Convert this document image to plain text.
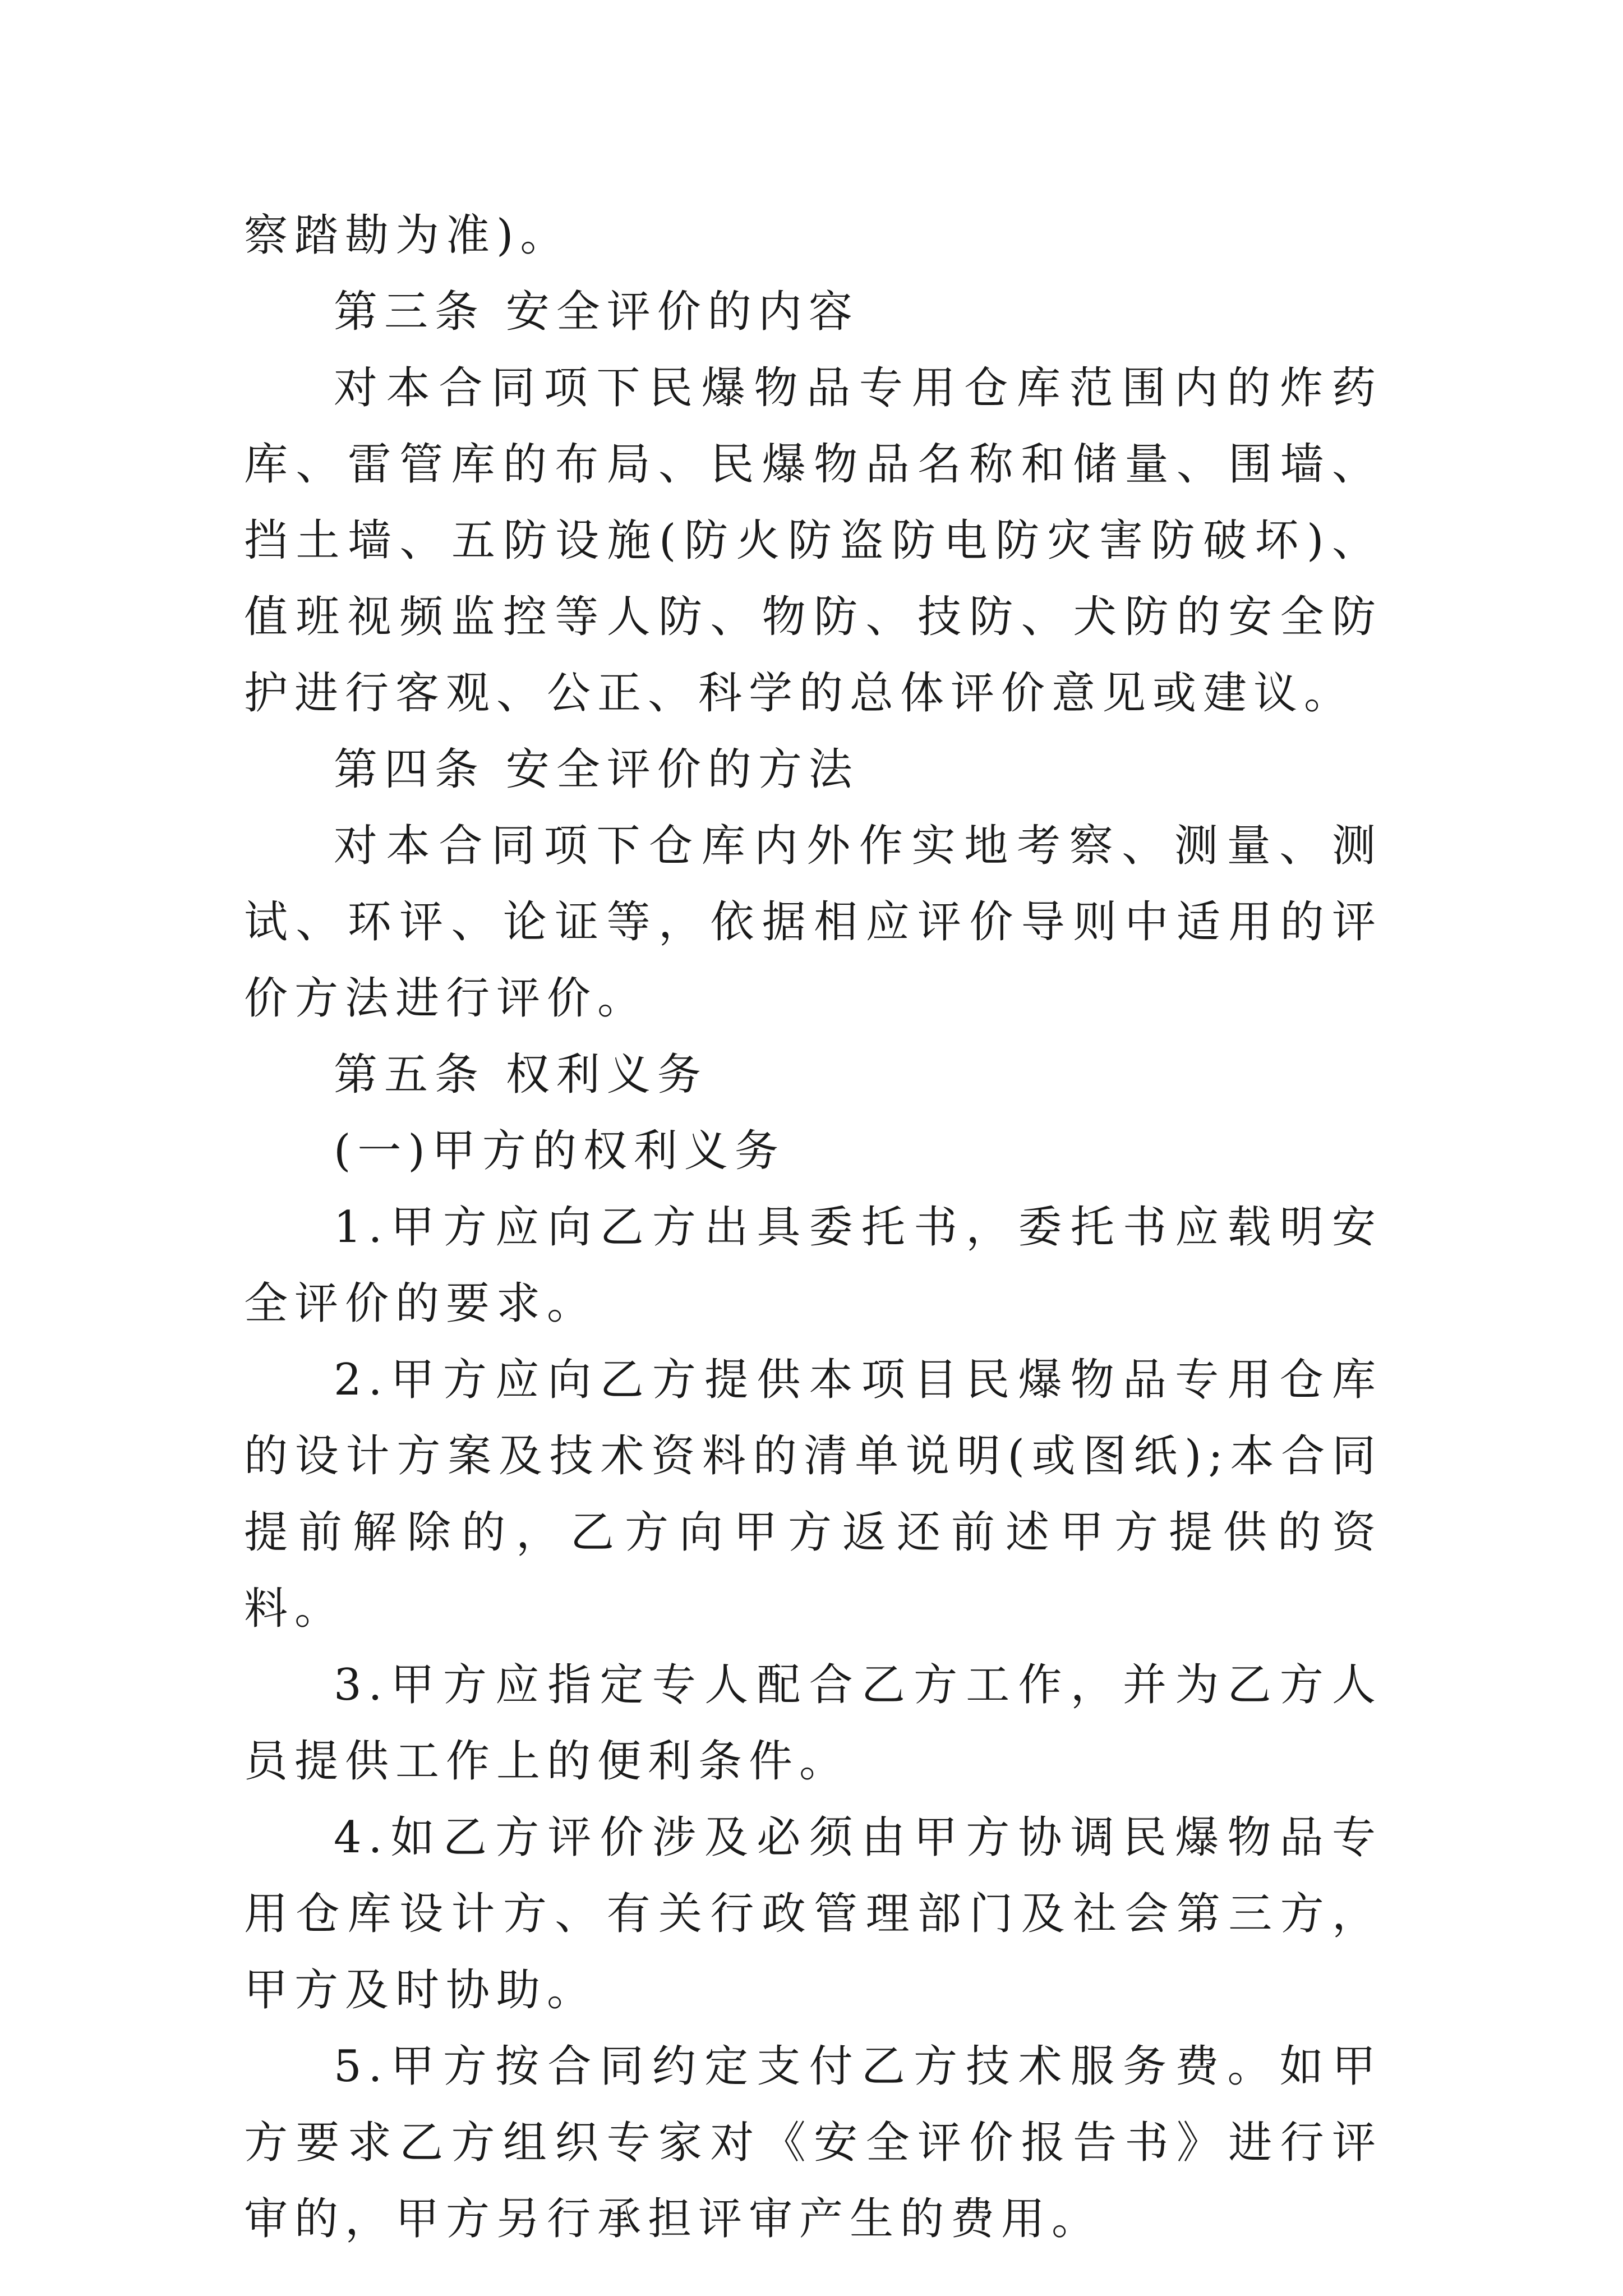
察踏勘为准)。

第三条 安全评价的内容

对本合同项下民爆物品专用仓库范围内的炸药库、雷管库的布局、民爆物品名称和储量、围墙、挡土墙、五防设施(防火防盗防电防灾害防破坏)、值班视频监控等人防、物防、技防、犬防的安全防护进行客观、公正、科学的总体评价意见或建议。

第四条 安全评价的方法

对本合同项下仓库内外作实地考察、测量、测试、环评、论证等，依据相应评价导则中适用的评价方法进行评价。

第五条 权利义务

(一)甲方的权利义务

1.甲方应向乙方出具委托书，委托书应载明安全评价的要求。

2.甲方应向乙方提供本项目民爆物品专用仓库的设计方案及技术资料的清单说明(或图纸);本合同提前解除的，乙方向甲方返还前述甲方提供的资料。

3.甲方应指定专人配合乙方工作，并为乙方人员提供工作上的便利条件。

4.如乙方评价涉及必须由甲方协调民爆物品专用仓库设计方、有关行政管理部门及社会第三方，甲方及时协助。

5.甲方按合同约定支付乙方技术服务费。如甲方要求乙方组织专家对《安全评价报告书》进行评审的，甲方另行承担评审产生的费用。
